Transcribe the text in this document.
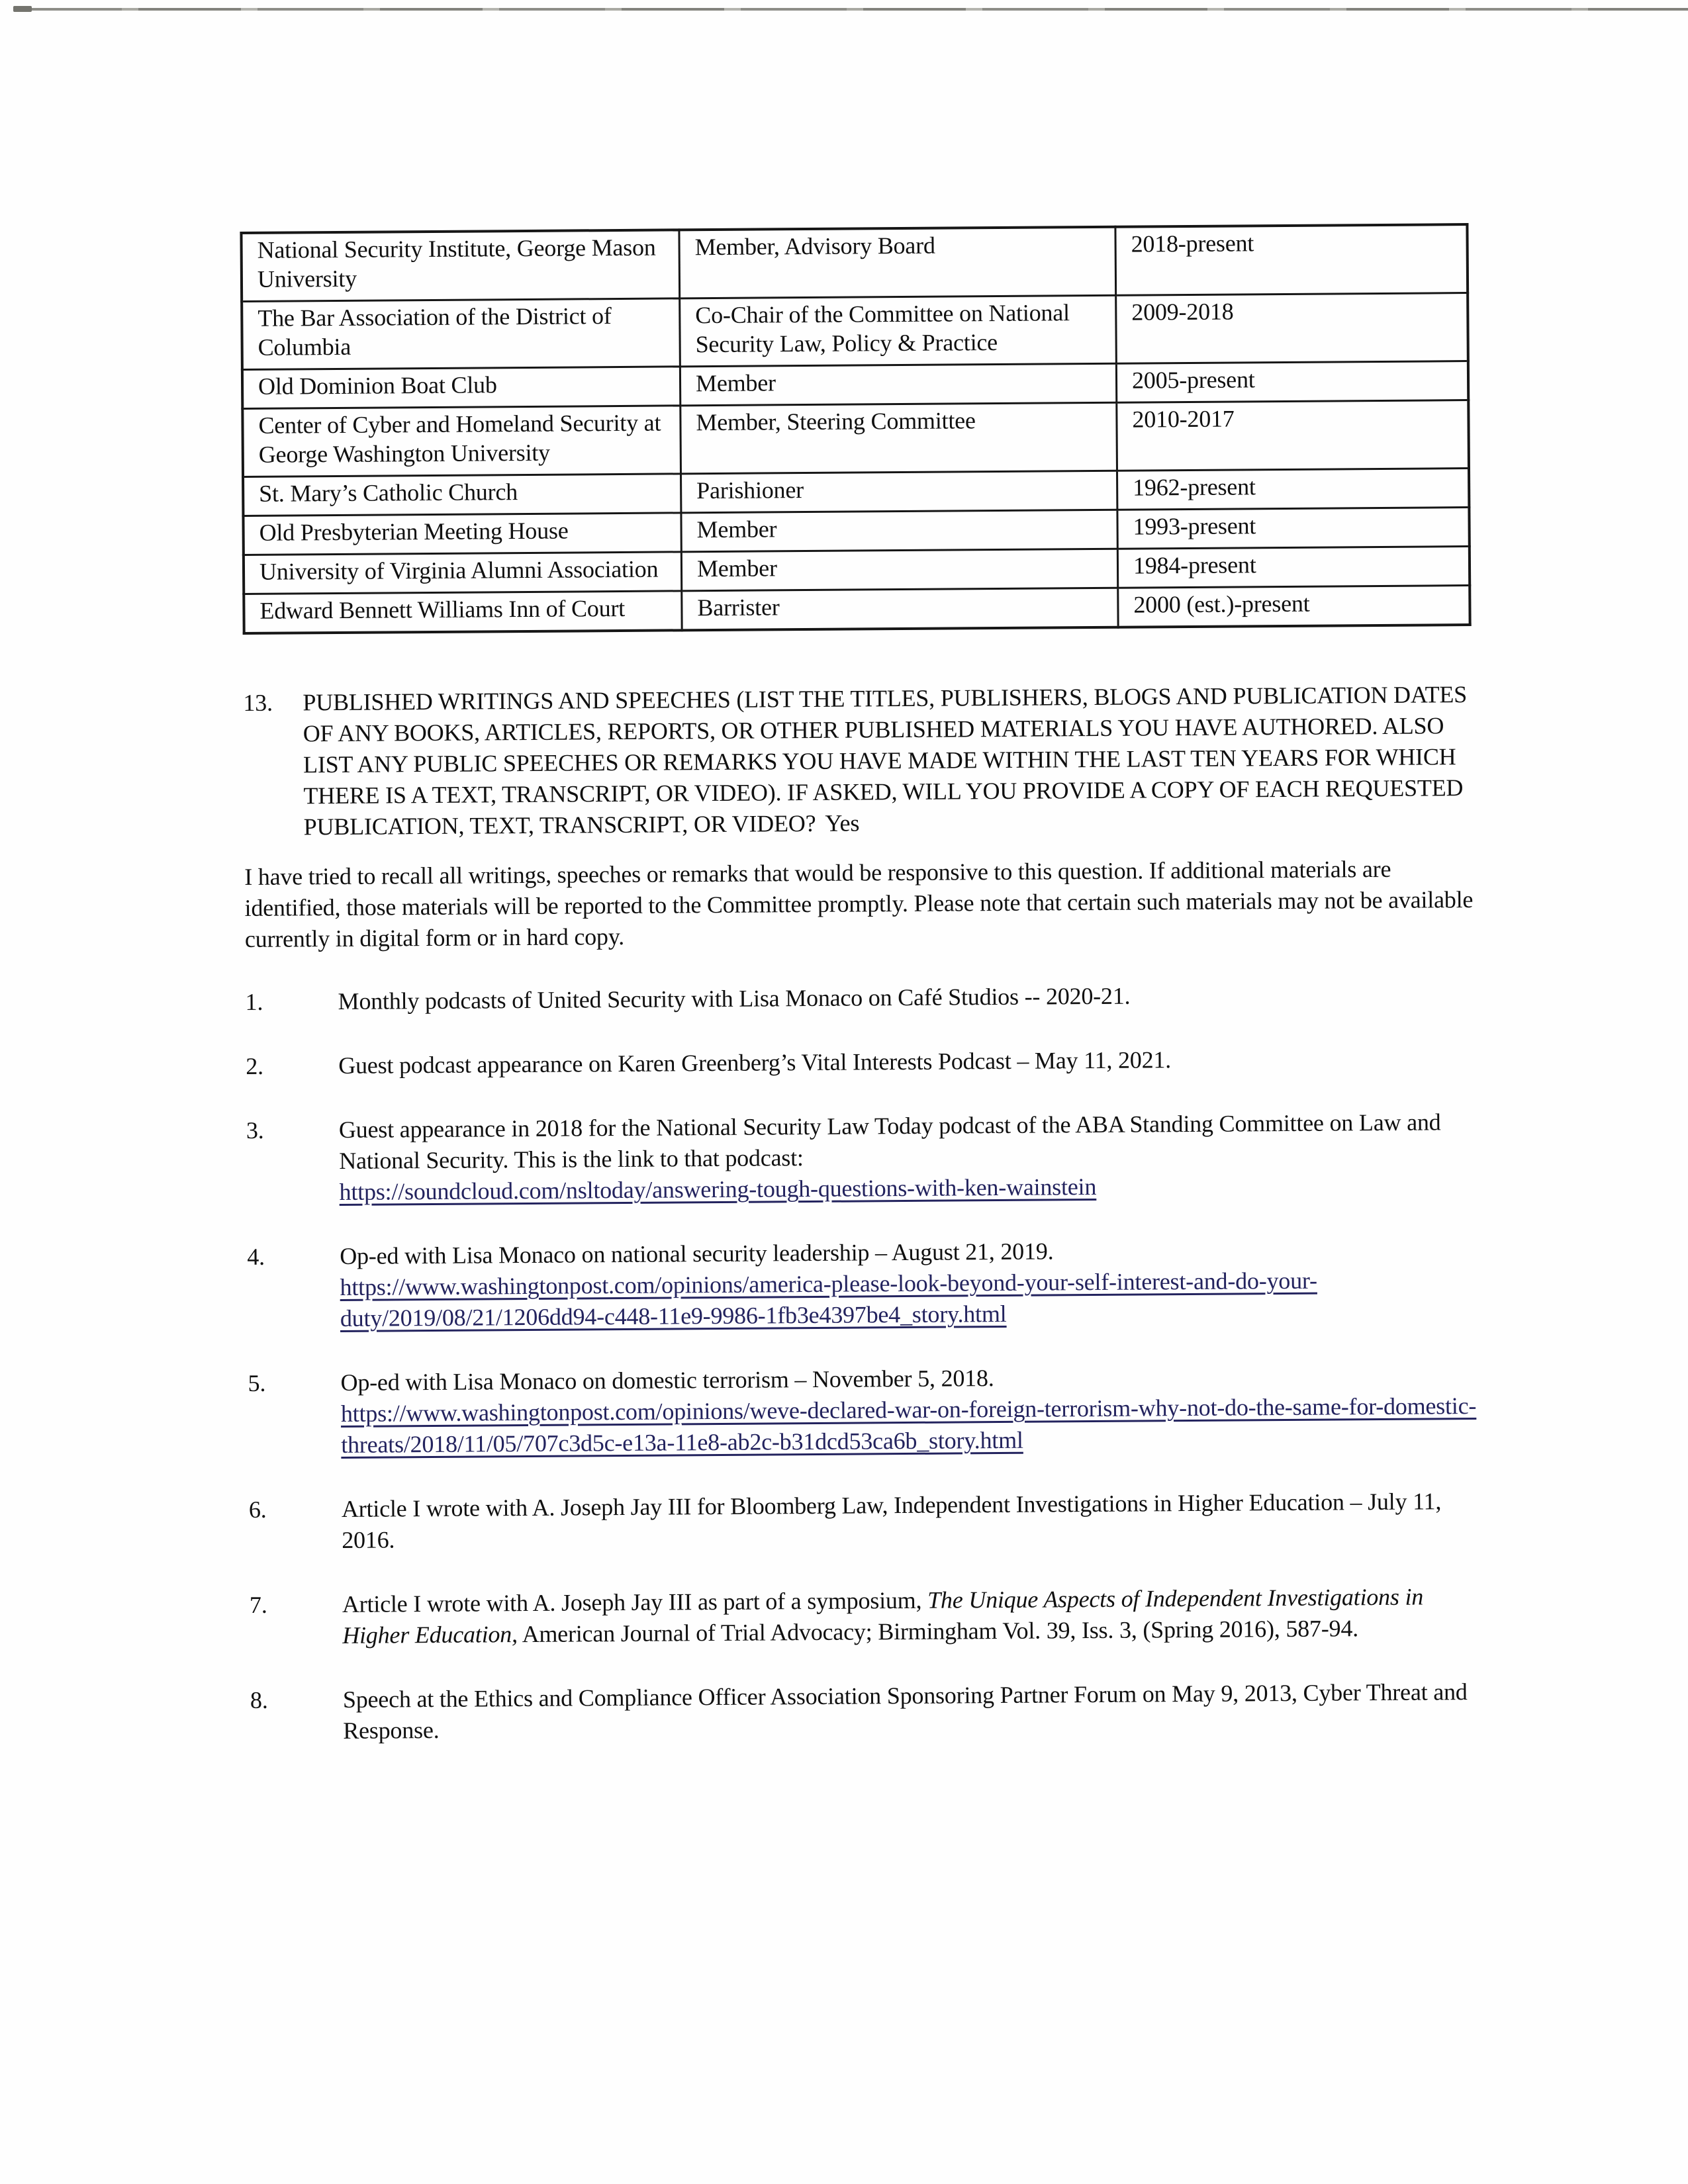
National Security Institute, George Mason University	Member, Advisory Board	2018-present
The Bar Association of the District of Columbia	Co-Chair of the Committee on National Security Law, Policy & Practice	2009-2018
Old Dominion Boat Club	Member	2005-present
Center of Cyber and Homeland Security at George Washington University	Member, Steering Committee	2010-2017
St. Mary’s Catholic Church	Parishioner	1962-present
Old Presbyterian Meeting House	Member	1993-present
University of Virginia Alumni Association	Member	1984-present
Edward Bennett Williams Inn of Court	Barrister	2000 (est.)-present
13.	PUBLISHED WRITINGS AND SPEECHES (LIST THE TITLES, PUBLISHERS, BLOGS AND PUBLICATION DATES OF ANY BOOKS, ARTICLES, REPORTS, OR OTHER PUBLISHED MATERIALS YOU HAVE AUTHORED. ALSO LIST ANY PUBLIC SPEECHES OR REMARKS YOU HAVE MADE WITHIN THE LAST TEN YEARS FOR WHICH THERE IS A TEXT, TRANSCRIPT, OR VIDEO). IF ASKED, WILL YOU PROVIDE A COPY OF EACH REQUESTED PUBLICATION, TEXT, TRANSCRIPT, OR VIDEO? Yes

I have tried to recall all writings, speeches or remarks that would be responsive to this question. If additional materials are identified, those materials will be reported to the Committee promptly. Please note that certain such materials may not be available currently in digital form or in hard copy.

1.	Monthly podcasts of United Security with Lisa Monaco on Café Studios -- 2020-21.
2.	Guest podcast appearance on Karen Greenberg’s Vital Interests Podcast – May 11, 2021.
3.	Guest appearance in 2018 for the National Security Law Today podcast of the ABA Standing Committee on Law and National Security. This is the link to that podcast:
https://soundcloud.com/nsltoday/answering-tough-questions-with-ken-wainstein
4.	Op-ed with Lisa Monaco on national security leadership – August 21, 2019.
https://www.washingtonpost.com/opinions/america-please-look-beyond-your-self-interest-and-do-your-duty/2019/08/21/1206dd94-c448-11e9-9986-1fb3e4397be4_story.html
5.	Op-ed with Lisa Monaco on domestic terrorism – November 5, 2018.
https://www.washingtonpost.com/opinions/weve-declared-war-on-foreign-terrorism-why-not-do-the-same-for-domestic-threats/2018/11/05/707c3d5c-e13a-11e8-ab2c-b31dcd53ca6b_story.html
6.	Article I wrote with A. Joseph Jay III for Bloomberg Law, Independent Investigations in Higher Education – July 11, 2016.
7.	Article I wrote with A. Joseph Jay III as part of a symposium, The Unique Aspects of Independent Investigations in Higher Education, American Journal of Trial Advocacy; Birmingham Vol. 39, Iss. 3, (Spring 2016), 587-94.
8.	Speech at the Ethics and Compliance Officer Association Sponsoring Partner Forum on May 9, 2013, Cyber Threat and Response.
